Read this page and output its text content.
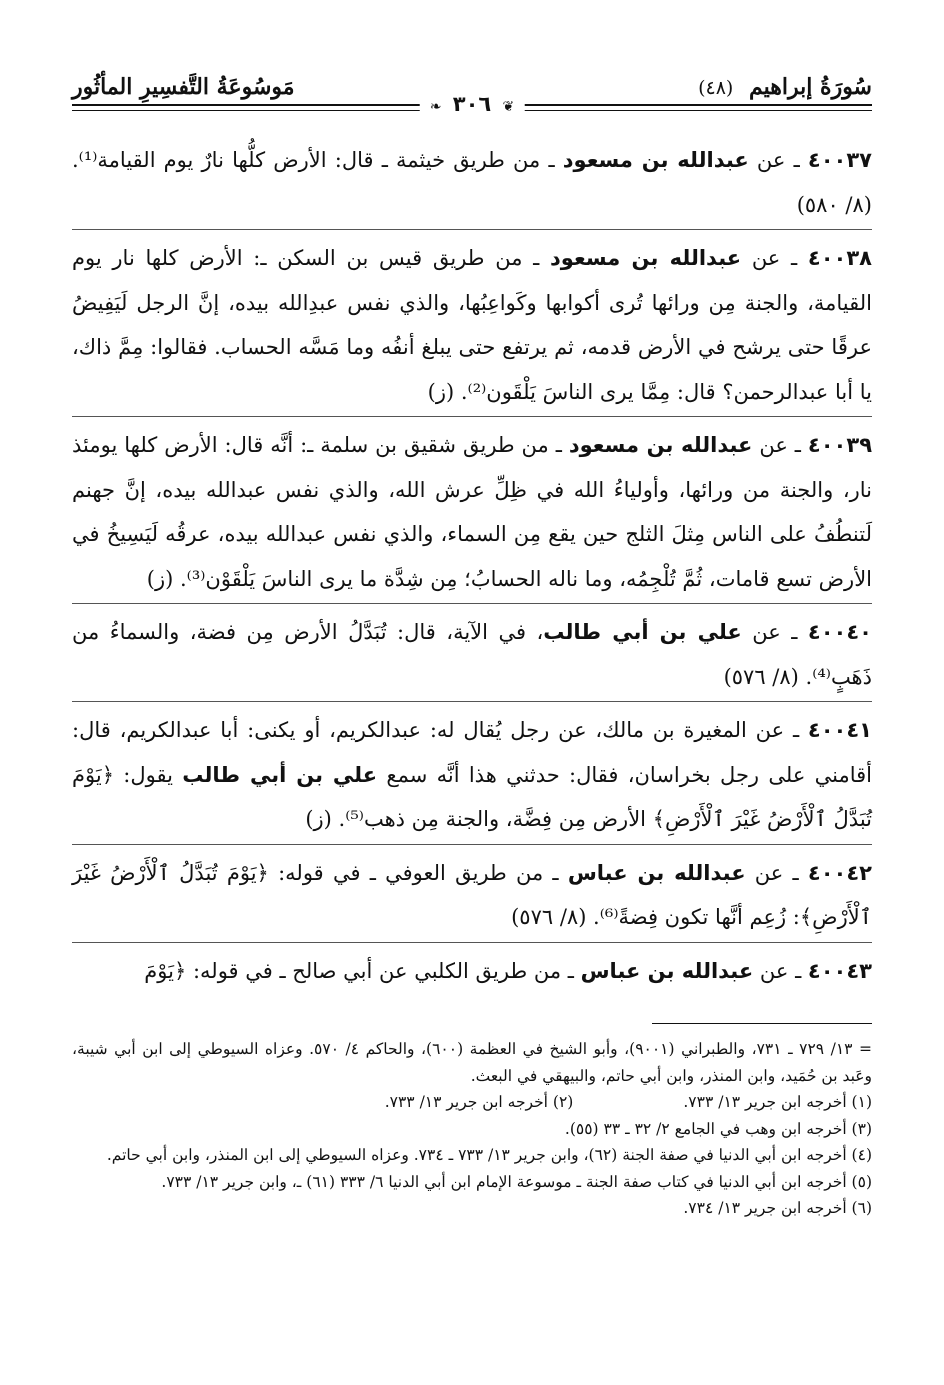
سُورَةُ إبراهيم (٤٨)
مَوسُوعَةُ التَّفسِيرِ المأثُور
❦ ٣٠٦ ❧
٤٠٠٣٧ ـ عن عبدالله بن مسعود ـ من طريق خيثمة ـ قال: الأرض كلُّها نارٌ يوم القيامة⁽¹⁾. (٨/ ٥٨٠)
٤٠٠٣٨ ـ عن عبدالله بن مسعود ـ من طريق قيس بن السكن ـ: الأرض كلها نار يوم القيامة، والجنة مِن ورائها تُرى أكوابها وكَواعِبُها، والذي نفس عبدِالله بيده، إنَّ الرجل لَيَفِيضُ عرقًا حتى يرشح في الأرض قدمه، ثم يرتفع حتى يبلغ أنفُه وما مَسَّه الحساب. فقالوا: مِمَّ ذاك، يا أبا عبدالرحمن؟ قال: مِمَّا يرى الناسَ يَلْقَون⁽²⁾. (ز)
٤٠٠٣٩ ـ عن عبدالله بن مسعود ـ من طريق شقيق بن سلمة ـ: أنَّه قال: الأرض كلها يومئذ نار، والجنة من ورائها، وأولياءُ الله في ظِلِّ عرش الله، والذي نفس عبدالله بيده، إنَّ جهنم لَتنطُفُ على الناس مِثلَ الثلج حين يقع مِن السماء، والذي نفس عبدالله بيده، عرقُه لَيَسِيخُ في الأرض تسع قامات، ثُمَّ تُلْجِمُه، وما ناله الحسابُ؛ مِن شِدَّة ما يرى الناسَ يَلْقَوْن⁽³⁾. (ز)
٤٠٠٤٠ ـ عن علي بن أبي طالب، في الآية، قال: تُبَدَّلُ الأرض مِن فضة، والسماءُ من ذَهَبٍ⁽⁴⁾. (٨/ ٥٧٦)
٤٠٠٤١ ـ عن المغيرة بن مالك، عن رجل يُقال له: عبدالكريم، أو يكنى: أبا عبدالكريم، قال: أقامني على رجل بخراسان، فقال: حدثني هذا أنَّه سمع علي بن أبي طالب يقول: ﴿يَوْمَ تُبَدَّلُ ٱلْأَرْضُ غَيْرَ ٱلْأَرْضِ﴾ الأرض مِن فِضَّة، والجنة مِن ذهب⁽⁵⁾. (ز)
٤٠٠٤٢ ـ عن عبدالله بن عباس ـ من طريق العوفي ـ في قوله: ﴿يَوْمَ تُبَدَّلُ ٱلْأَرْضُ غَيْرَ ٱلْأَرْضِ﴾: زُعِم أنَّها تكون فِضةً⁽⁶⁾. (٨/ ٥٧٦)
٤٠٠٤٣ ـ عن عبدالله بن عباس ـ من طريق الكلبي عن أبي صالح ـ في قوله: ﴿يَوْمَ
= ١٣/ ٧٢٩ ـ ٧٣١، والطبراني (٩٠٠١)، وأبو الشيخ في العظمة (٦٠٠)، والحاكم ٤/ ٥٧٠. وعزاه السيوطي إلى ابن أبي شيبة، وعَبد بن حُمَيد، وابن المنذر، وابن أبي حاتم، والبيهقي في البعث.
(١) أخرجه ابن جرير ١٣/ ٧٣٣.
(٢) أخرجه ابن جرير ١٣/ ٧٣٣.
(٣) أخرجه ابن وهب في الجامع ٢/ ٣٢ ـ ٣٣ (٥٥).
(٤) أخرجه ابن أبي الدنيا في صفة الجنة (٦٢)، وابن جرير ١٣/ ٧٣٣ ـ ٧٣٤. وعزاه السيوطي إلى ابن المنذر، وابن أبي حاتم.
(٥) أخرجه ابن أبي الدنيا في كتاب صفة الجنة ـ موسوعة الإمام ابن أبي الدنيا ٦/ ٣٣٣ (٦١) ـ، وابن جرير ١٣/ ٧٣٣.
(٦) أخرجه ابن جرير ١٣/ ٧٣٤.
